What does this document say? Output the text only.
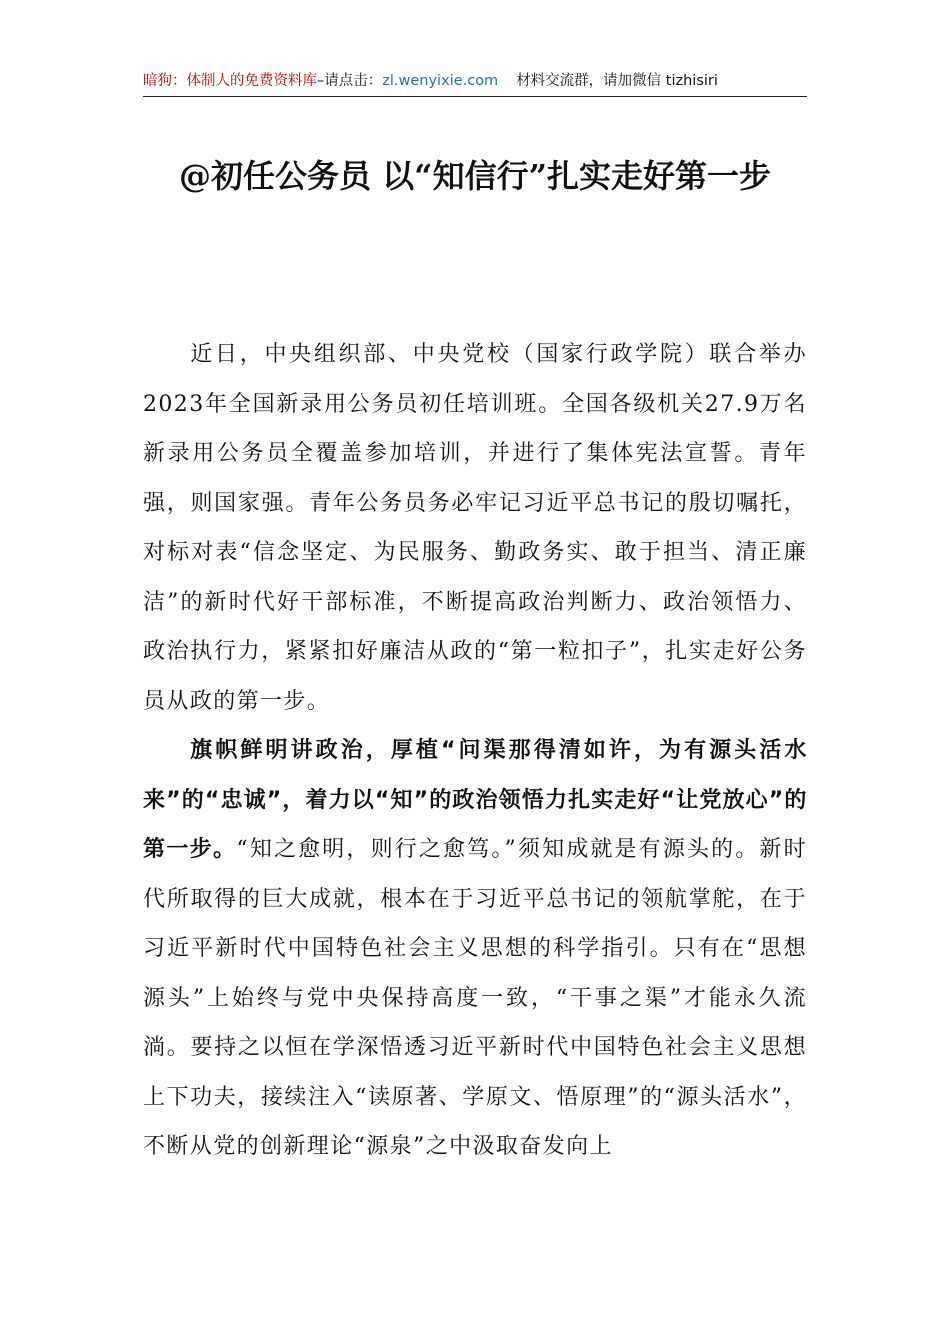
暗狗：体制人的免费资料库 –请点击： zl.wenyixie.com 材料交流群，请加微信 tizhisiri
@初任公务员 以“知信行”扎实走好第一步

近日，中央组织部、中央党校（国家行政学院）联合举办2023年全国新录用公务员初任培训班。全国各级机关27.9万名新录用公务员全覆盖参加培训，并进行了集体宪法宣誓。青年强，则国家强。青年公务员务必牢记习近平总书记的殷切嘱托，对标对表“信念坚定、为民服务、勤政务实、敢于担当、清正廉洁”的新时代好干部标准，不断提高政治判断力、政治领悟力、政治执行力，紧紧扣好廉洁从政的“第一粒扣子”，扎实走好公务员从政的第一步。

旗帜鲜明讲政治，厚植“问渠那得清如许，为有源头活水来”的“忠诚”，着力以“知”的政治领悟力扎实走好“让党放心”的第一步。“知之愈明，则行之愈笃。”须知成就是有源头的。新时代所取得的巨大成就，根本在于习近平总书记的领航掌舵，在于习近平新时代中国特色社会主义思想的科学指引。只有在“思想源头”上始终与党中央保持高度一致，“干事之渠”才能永久流淌。要持之以恒在学深悟透习近平新时代中国特色社会主义思想上下功夫，接续注入“读原著、学原文、悟原理”的“源头活水”，不断从党的创新理论“源泉”之中汲取奋发向上
